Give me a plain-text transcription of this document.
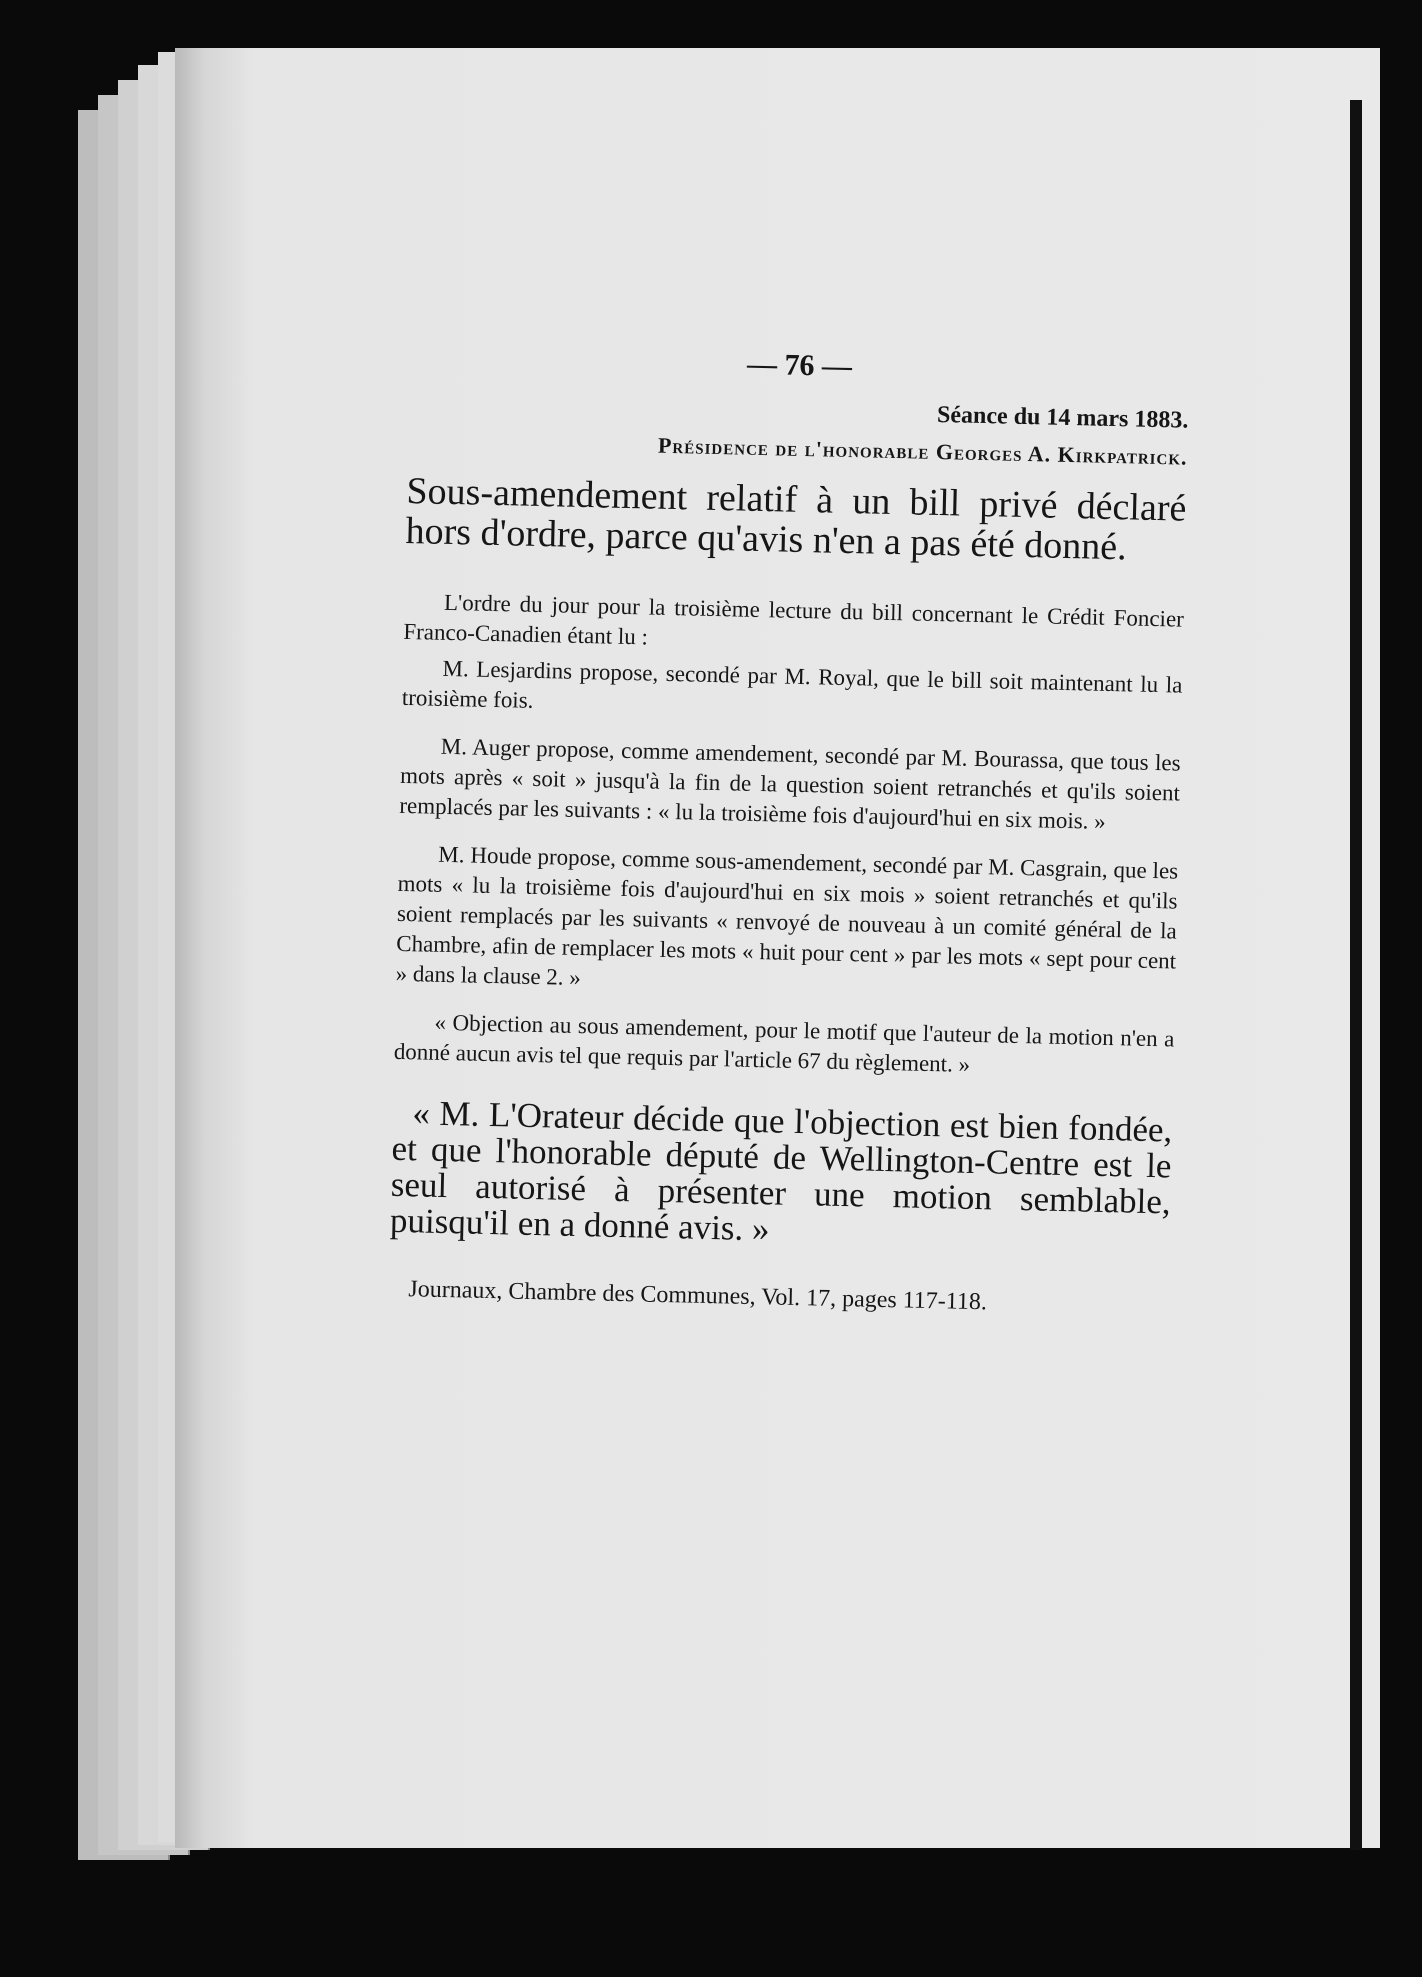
— 76 —

Séance du 14 mars 1883.

Présidence de l'honorable Georges A. Kirkpatrick.

Sous-amendement relatif à un bill privé déclaré hors d'ordre, parce qu'avis n'en a pas été donné.

L'ordre du jour pour la troisième lecture du bill concernant le Crédit Foncier Franco-Canadien étant lu :

M. Lesjardins propose, secondé par M. Royal, que le bill soit maintenant lu la troisième fois.

M. Auger propose, comme amendement, secondé par M. Bourassa, que tous les mots après « soit » jusqu'à la fin de la question soient retranchés et qu'ils soient remplacés par les suivants : « lu la troisième fois d'aujourd'hui en six mois. »

M. Houde propose, comme sous-amendement, secondé par M. Casgrain, que les mots « lu la troisième fois d'aujourd'hui en six mois » soient retranchés et qu'ils soient remplacés par les suivants « renvoyé de nouveau à un comité général de la Chambre, afin de remplacer les mots « huit pour cent » par les mots « sept pour cent » dans la clause 2. »

« Objection au sous amendement, pour le motif que l'auteur de la motion n'en a donné aucun avis tel que requis par l'article 67 du règlement. »

« M. L'Orateur décide que l'objection est bien fondée, et que l'honorable député de Wellington-Centre est le seul autorisé à présenter une motion semblable, puisqu'il en a donné avis. »

Journaux, Chambre des Communes, Vol. 17, pages 117-118.
